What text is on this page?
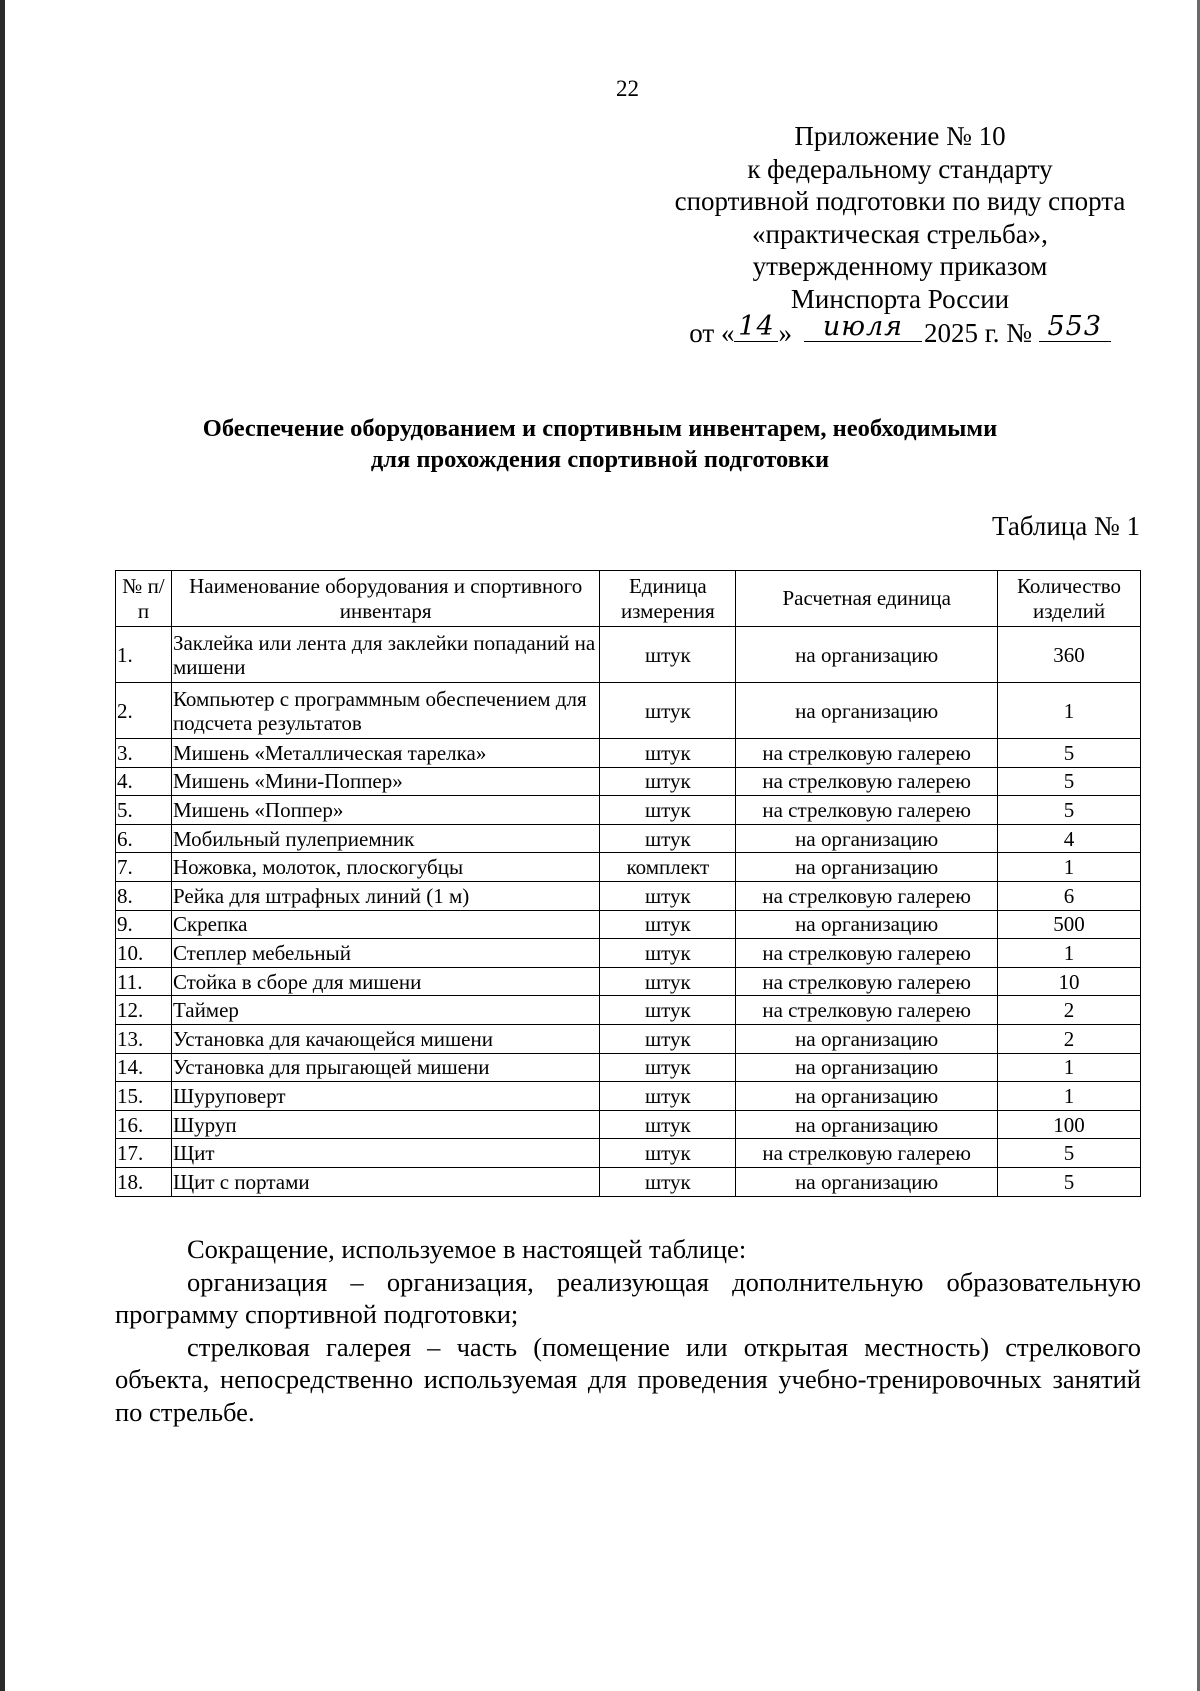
22
Приложение № 10
к федеральному стандарту
спортивной подготовки по виду спорта
«практическая стрельба»,
утвержденному приказом
Минспорта России
от « 14 »	июля 2025 г. № 553
Обеспечение оборудованием и спортивным инвентарем, необходимыми
для прохождения спортивной подготовки
Таблица № 1
№ п/п	Наименование оборудования и спортивного инвентаря	Единица измерения	Расчетная единица	Количество изделий
1.	Заклейка или лента для заклейки попаданий на мишени	штук	на организацию	360
2.	Компьютер с программным обеспечением для подсчета результатов	штук	на организацию	1
3.	Мишень «Металлическая тарелка»	штук	на стрелковую галерею	5
4.	Мишень «Мини-Поппер»	штук	на стрелковую галерею	5
5.	Мишень «Поппер»	штук	на стрелковую галерею	5
6.	Мобильный пулеприемник	штук	на организацию	4
7.	Ножовка, молоток, плоскогубцы	комплект	на организацию	1
8.	Рейка для штрафных линий (1 м)	штук	на стрелковую галерею	6
9.	Скрепка	штук	на организацию	500
10.	Степлер мебельный	штук	на стрелковую галерею	1
11.	Стойка в сборе для мишени	штук	на стрелковую галерею	10
12.	Таймер	штук	на стрелковую галерею	2
13.	Установка для качающейся мишени	штук	на организацию	2
14.	Установка для прыгающей мишени	штук	на организацию	1
15.	Шуруповерт	штук	на организацию	1
16.	Шуруп	штук	на организацию	100
17.	Щит	штук	на стрелковую галерею	5
18.	Щит с портами	штук	на организацию	5

Сокращение, используемое в настоящей таблице:

организация – организация, реализующая дополнительную образовательную программу спортивной подготовки;

стрелковая галерея – часть (помещение или открытая местность) стрелкового объекта, непосредственно используемая для проведения учебно-тренировочных занятий по стрельбе.
